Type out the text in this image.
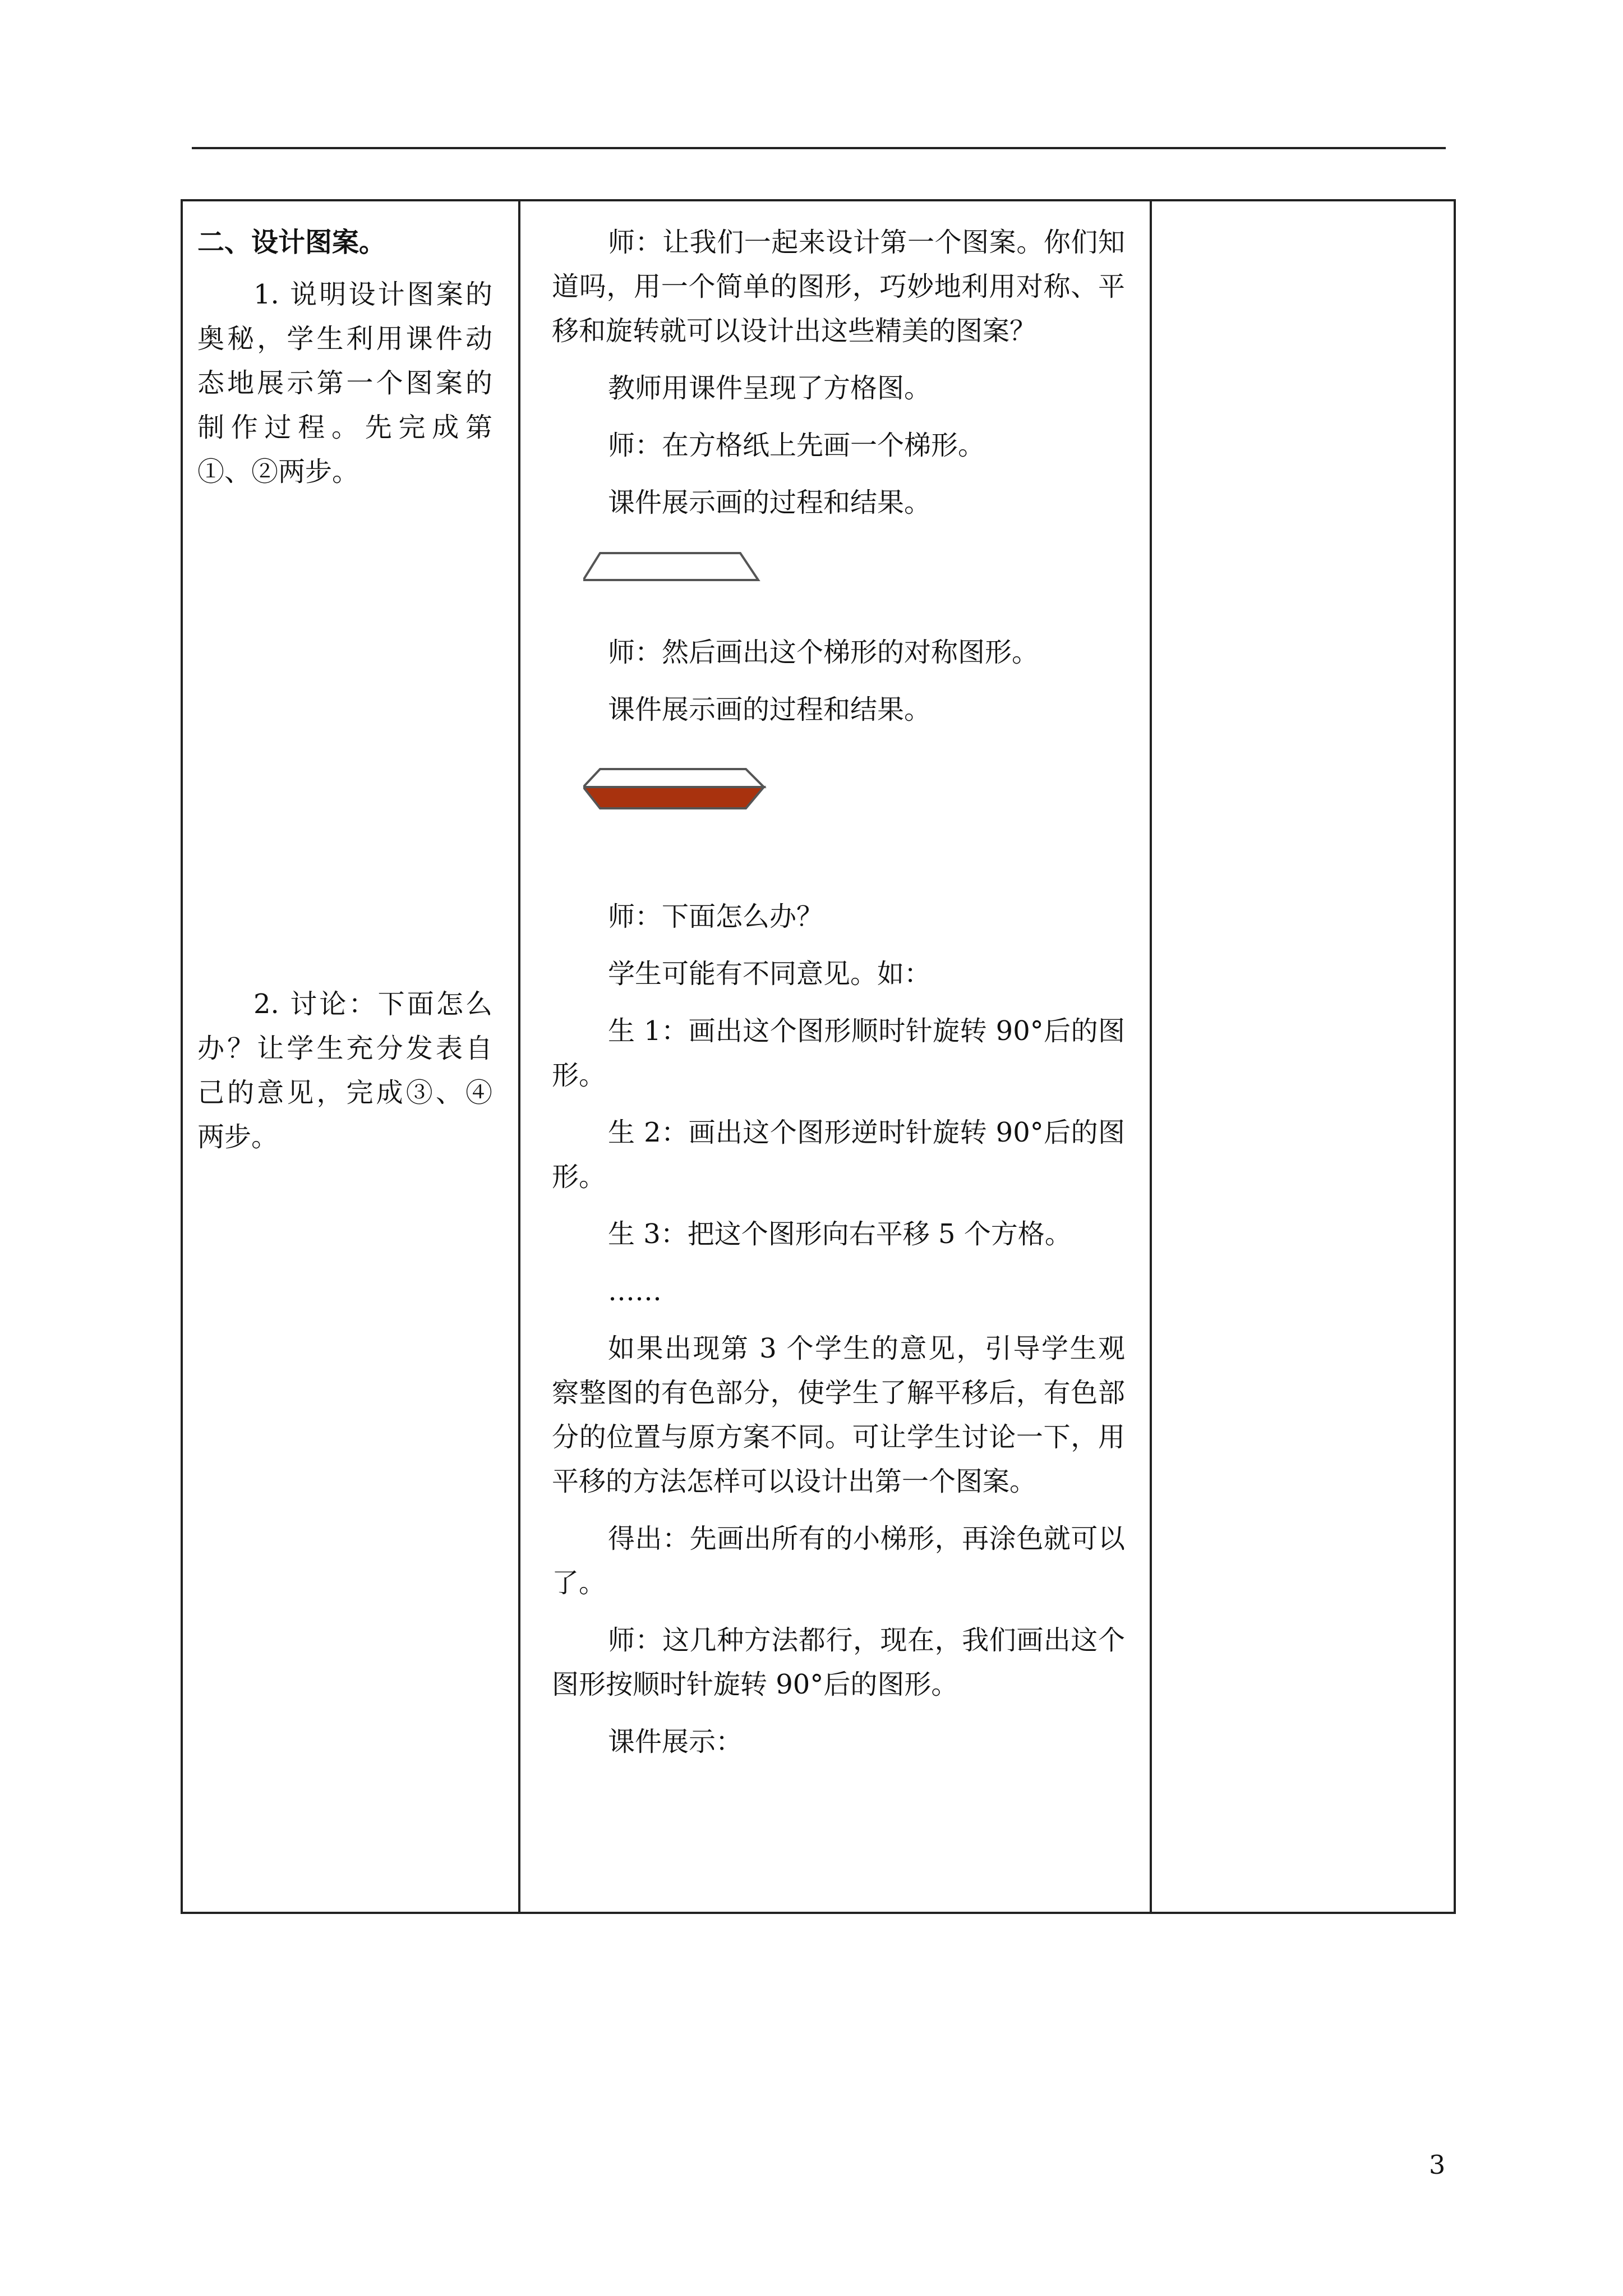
二、设计图案。

1. 说明设计图案的奥秘，学生利用课件动态地展示第一个图案的制作过程。先完成第①、②两步。

2. 讨论：下面怎么办？让学生充分发表自己的意见，完成③、④两步。

师：让我们一起来设计第一个图案。你们知道吗，用一个简单的图形，巧妙地利用对称、平移和旋转就可以设计出这些精美的图案？

教师用课件呈现了方格图。

师：在方格纸上先画一个梯形。

课件展示画的过程和结果。

师：然后画出这个梯形的对称图形。

课件展示画的过程和结果。

师：下面怎么办？

学生可能有不同意见。如：

生 1：画出这个图形顺时针旋转 90°后的图形。

生 2：画出这个图形逆时针旋转 90°后的图形。

生 3：把这个图形向右平移 5 个方格。

……

如果出现第 3 个学生的意见，引导学生观察整图的有色部分，使学生了解平移后，有色部分的位置与原方案不同。可让学生讨论一下，用平移的方法怎样可以设计出第一个图案。

得出：先画出所有的小梯形，再涂色就可以了。

师：这几种方法都行，现在，我们画出这个图形按顺时针旋转 90°后的图形。

课件展示：

3
